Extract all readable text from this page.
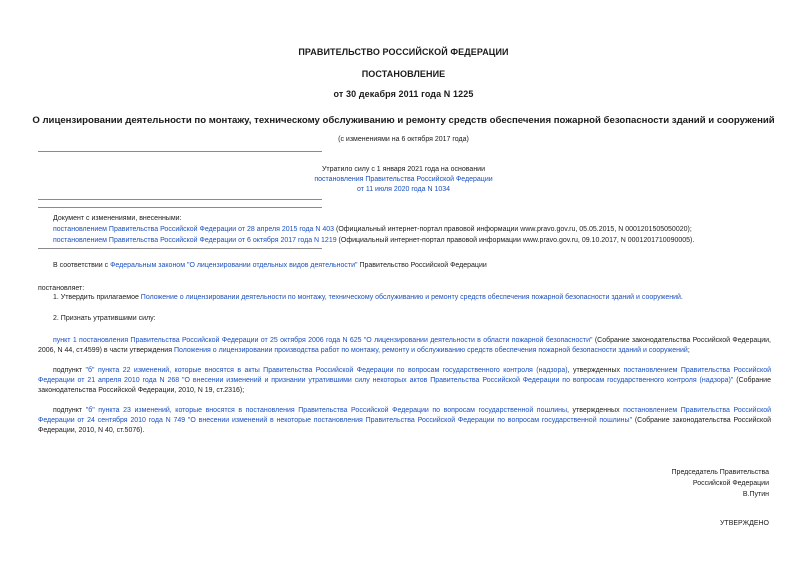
ПРАВИТЕЛЬСТВО РОССИЙСКОЙ ФЕДЕРАЦИИ
ПОСТАНОВЛЕНИЕ
от 30 декабря 2011 года N 1225
О лицензировании деятельности по монтажу, техническому обслуживанию и ремонту средств обеспечения пожарной безопасности зданий и сооружений
(с изменениями на 6 октября 2017 года)
Утратило силу с 1 января 2021 года на основании
постановления Правительства Российской Федерации
от 11 июля 2020 года N 1034
Документ с изменениями, внесенными:
постановлением Правительства Российской Федерации от 28 апреля 2015 года N 403 (Официальный интернет-портал правовой информации www.pravo.gov.ru, 05.05.2015, N 0001201505050020);
постановлением Правительства Российской Федерации от 6 октября 2017 года N 1219 (Официальный интернет-портал правовой информации www.pravo.gov.ru, 09.10.2017, N 0001201710090005).
В соответствии с Федеральным законом "О лицензировании отдельных видов деятельности" Правительство Российской Федерации
постановляет:
1. Утвердить прилагаемое Положение о лицензировании деятельности по монтажу, техническому обслуживанию и ремонту средств обеспечения пожарной безопасности зданий и сооружений.
2. Признать утратившими силу:
пункт 1 постановления Правительства Российской Федерации от 25 октября 2006 года N 625 "О лицензировании деятельности в области пожарной безопасности" (Собрание законодательства Российской Федерации, 2006, N 44, ст.4599) в части утверждения Положения о лицензировании производства работ по монтажу, ремонту и обслуживанию средств обеспечения пожарной безопасности зданий и сооружений;
подпункт "б" пункта 22 изменений, которые вносятся в акты Правительства Российской Федерации по вопросам государственного контроля (надзора), утвержденных постановлением Правительства Российской Федерации от 21 апреля 2010 года N 268 "О внесении изменений и признании утратившими силу некоторых актов Правительства Российской Федерации по вопросам государственного контроля (надзора)" (Собрание законодательства Российской Федерации, 2010, N 19, ст.2316);
подпункт "б" пункта 23 изменений, которые вносятся в постановления Правительства Российской Федерации по вопросам государственной пошлины, утвержденных постановлением Правительства Российской Федерации от 24 сентября 2010 года N 749 "О внесении изменений в некоторые постановления Правительства Российской Федерации по вопросам государственной пошлины" (Собрание законодательства Российской Федерации, 2010, N 40, ст.5076).
Председатель Правительства
Российской Федерации
В.Путин
УТВЕРЖДЕНО
